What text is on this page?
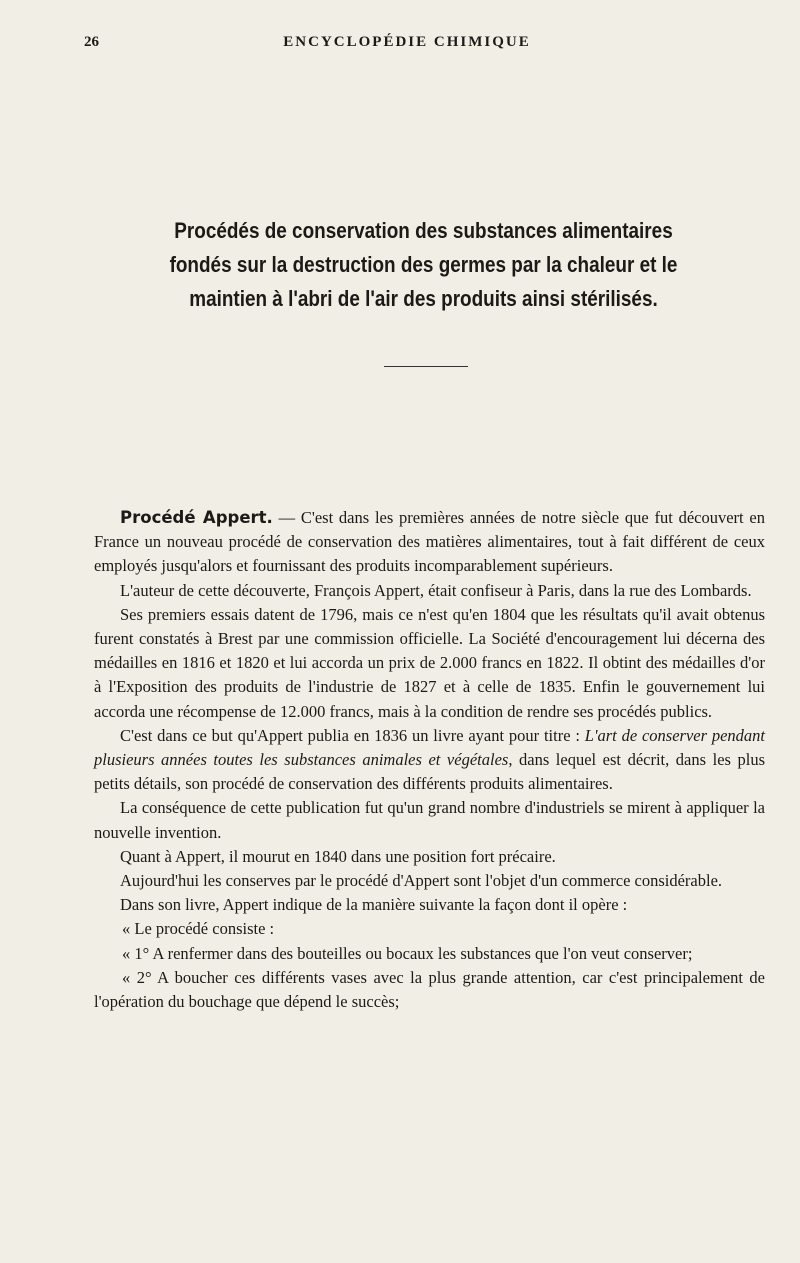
26	ENCYCLOPÉDIE CHIMIQUE
Procédés de conservation des substances alimentaires fondés sur la destruction des germes par la chaleur et le maintien à l'abri de l'air des produits ainsi stérilisés.

Procédé Appert. — C'est dans les premières années de notre siècle que fut découvert en France un nouveau procédé de conservation des matières alimentaires, tout à fait différent de ceux employés jusqu'alors et fournissant des produits incomparablement supérieurs.

L'auteur de cette découverte, François Appert, était confiseur à Paris, dans la rue des Lombards.

Ses premiers essais datent de 1796, mais ce n'est qu'en 1804 que les résultats qu'il avait obtenus furent constatés à Brest par une commission officielle. La Société d'encouragement lui décerna des médailles en 1816 et 1820 et lui accorda un prix de 2.000 francs en 1822. Il obtint des médailles d'or à l'Exposition des produits de l'industrie de 1827 et à celle de 1835. Enfin le gouvernement lui accorda une récompense de 12.000 francs, mais à la condition de rendre ses procédés publics.

C'est dans ce but qu'Appert publia en 1836 un livre ayant pour titre : L'art de conserver pendant plusieurs années toutes les substances animales et végétales, dans lequel est décrit, dans les plus petits détails, son procédé de conservation des différents produits alimentaires.

La conséquence de cette publication fut qu'un grand nombre d'industriels se mirent à appliquer la nouvelle invention.

Quant à Appert, il mourut en 1840 dans une position fort précaire.

Aujourd'hui les conserves par le procédé d'Appert sont l'objet d'un commerce considérable.

Dans son livre, Appert indique de la manière suivante la façon dont il opère :

« Le procédé consiste :

« 1° A renfermer dans des bouteilles ou bocaux les substances que l'on veut conserver;

« 2° A boucher ces différents vases avec la plus grande attention, car c'est principalement de l'opération du bouchage que dépend le succès;
